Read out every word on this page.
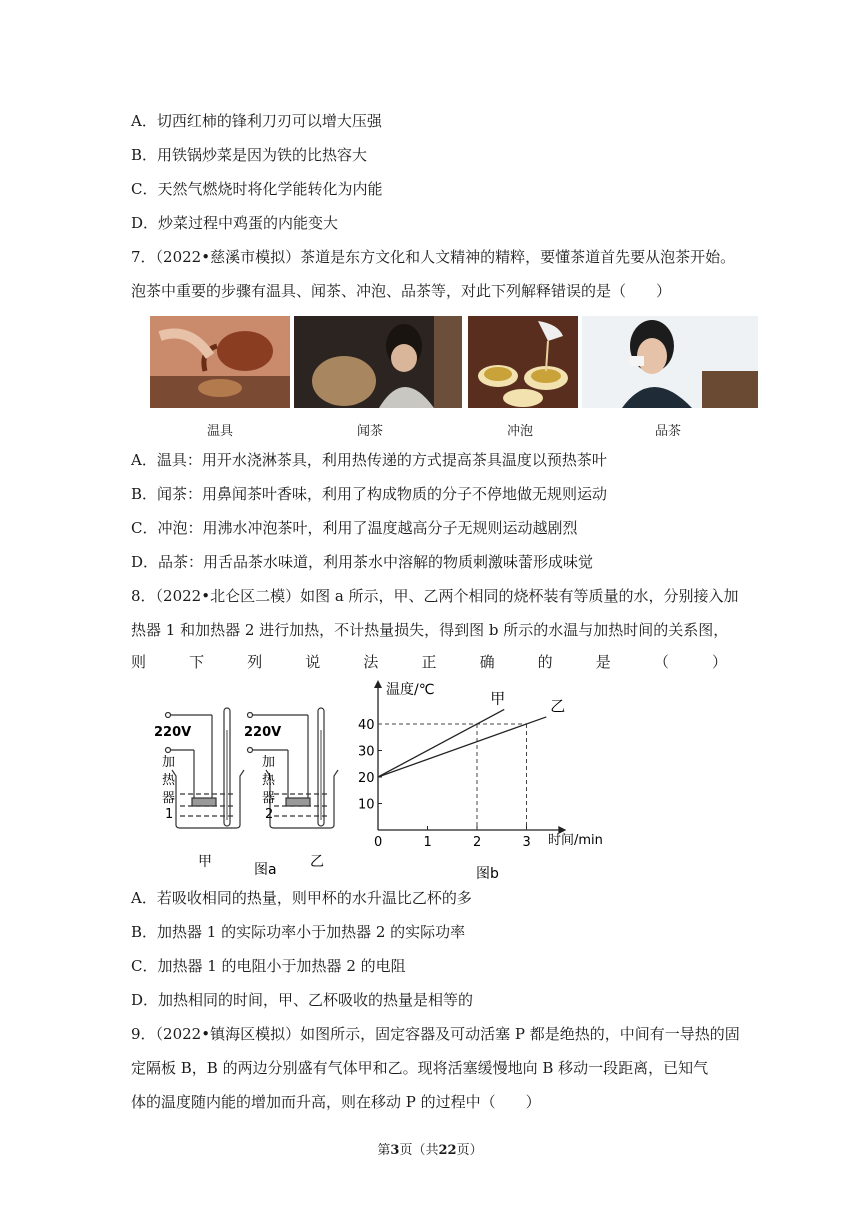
A．切西红柿的锋利刀刃可以增大压强
B．用铁锅炒菜是因为铁的比热容大
C．天然气燃烧时将化学能转化为内能
D．炒菜过程中鸡蛋的内能变大
7．（2022•慈溪市模拟）茶道是东方文化和人文精神的精粹，要懂茶道首先要从泡茶开始。
泡茶中重要的步骤有温具、闻茶、冲泡、品茶等，对此下列解释错误的是（　　）
温具	闻茶	冲泡	品茶
A．温具：用开水浇淋茶具，利用热传递的方式提高茶具温度以预热茶叶
B．闻茶：用鼻闻茶叶香味，利用了构成物质的分子不停地做无规则运动
C．冲泡：用沸水冲泡茶叶，利用了温度越高分子无规则运动越剧烈
D．品茶：用舌品茶水味道，利用茶水中溶解的物质刺激味蕾形成味觉
8．（2022•北仑区二模）如图 a 所示，甲、乙两个相同的烧杯装有等质量的水，分别接入加
热器 1 和加热器 2 进行加热，不计热量损失，得到图 b 所示的水温与加热时间的关系图，
则	下	列	说	法	正	确	的	是	（	）
220V	220V
加
热
器
1
加
热
器
2
甲	图a 乙
温度/℃
时间/min
图b
0	1	2	3
10
20
30
40
甲	乙
A．若吸收相同的热量，则甲杯的水升温比乙杯的多
B．加热器 1 的实际功率小于加热器 2 的实际功率
C．加热器 1 的电阻小于加热器 2 的电阻
D．加热相同的时间，甲、乙杯吸收的热量是相等的
9．（2022•镇海区模拟）如图所示，固定容器及可动活塞 P 都是绝热的，中间有一导热的固
定隔板 B，B 的两边分别盛有气体甲和乙。现将活塞缓慢地向 B 移动一段距离，已知气
体的温度随内能的增加而升高，则在移动 P 的过程中（　　）
第3页（共22页）
